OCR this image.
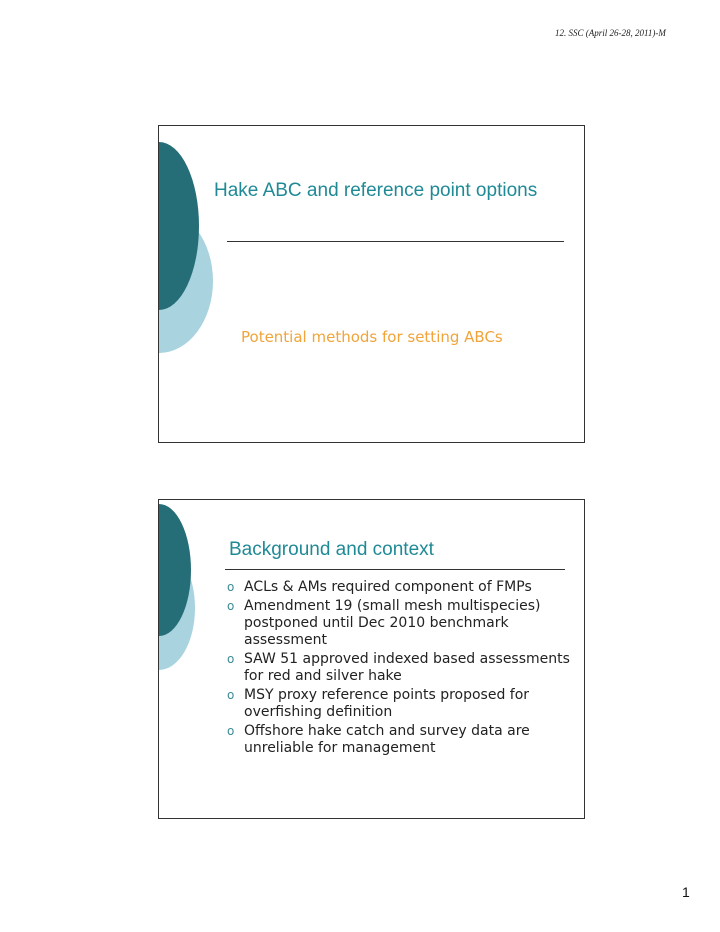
12. SSC (April 26-28, 2011)-M
Hake ABC and reference point options
Potential methods for setting ABCs
Background and context
o ACLs & AMs required component of FMPs
o Amendment 19 (small mesh multispecies) postponed until Dec 2010 benchmark assessment
o SAW 51 approved indexed based assessments for red and silver hake
o MSY proxy reference points proposed for overfishing definition
o Offshore hake catch and survey data are unreliable for management
1
